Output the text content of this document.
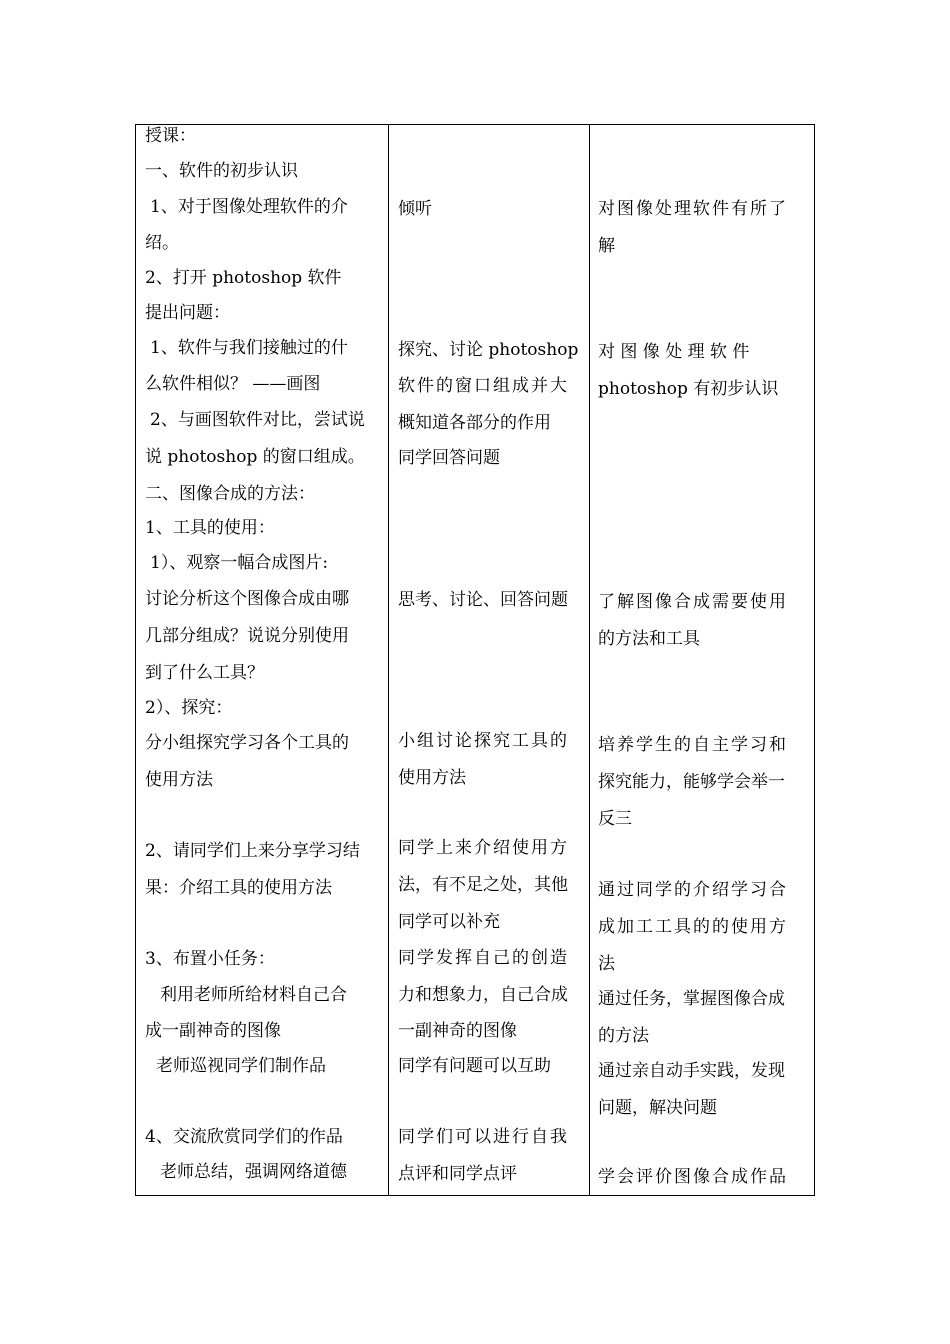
授课：
一、软件的初步认识
1、对于图像处理软件的介
绍。
2、打开 photoshop 软件
提出问题：
1、软件与我们接触过的什
么软件相似？ ——画图
2、与画图软件对比，尝试说
说 photoshop 的窗口组成。
二、图像合成的方法：
1、工具的使用：
1）、观察一幅合成图片:
讨论分析这个图像合成由哪
几部分组成？说说分别使用
到了什么工具？
2）、探究：
分小组探究学习各个工具的
使用方法
2、请同学们上来分享学习结
果：介绍工具的使用方法
3、布置小任务：
利用老师所给材料自己合
成一副神奇的图像
老师巡视同学们制作品
4、交流欣赏同学们的作品
老师总结，强调网络道德
倾听
探究、讨论 photoshop
软件的窗口组成并大
概知道各部分的作用
同学回答问题
思考、讨论、回答问题
小组讨论探究工具的
使用方法
同学上来介绍使用方
法，有不足之处，其他
同学可以补充
同学发挥自己的创造
力和想象力，自己合成
一副神奇的图像
同学有问题可以互助
同学们可以进行自我
点评和同学点评
对图像处理软件有所了
解
对 图 像 处 理 软 件
photoshop 有初步认识
了解图像合成需要使用
的方法和工具
培养学生的自主学习和
探究能力，能够学会举一
反三
通过同学的介绍学习合
成加工工具的的使用方
法
通过任务，掌握图像合成
的方法
通过亲自动手实践，发现
问题，解决问题
学会评价图像合成作品
